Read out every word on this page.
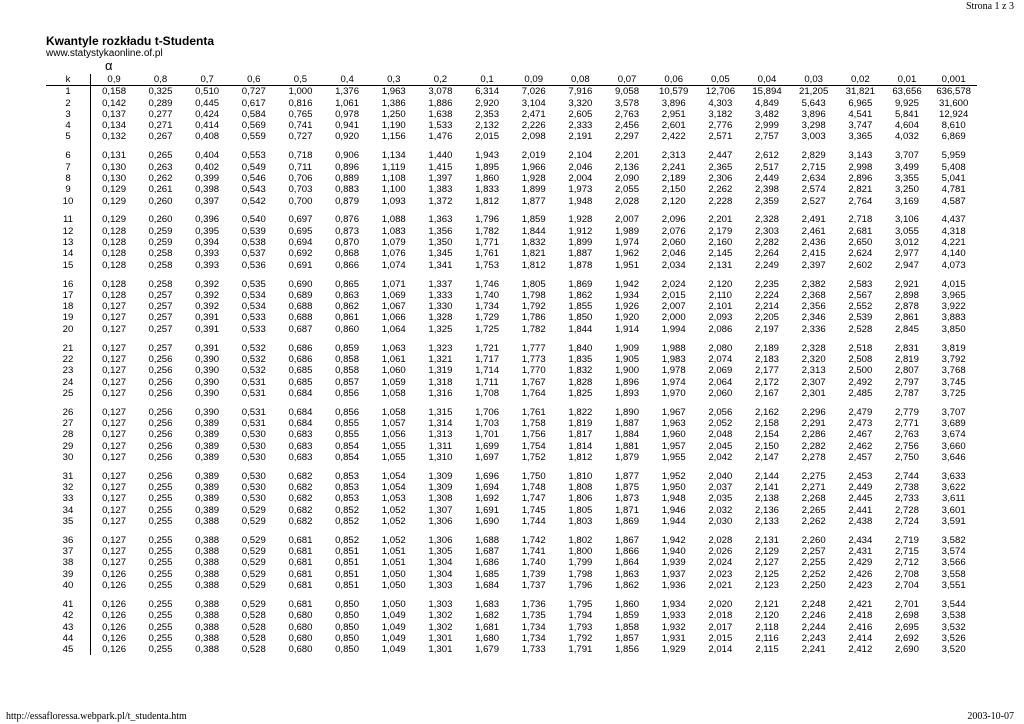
Strona 1 z 3
Kwantyle rozkładu t-Studenta
www.statystykaonline.of.pl
α
k	0,9	0,8	0,7	0,6	0,5	0,4	0,3	0,2	0,1	0,09	0,08	0,07	0,06	0,05	0,04	0,03	0,02	0,01	0,001
1	0,158	0,325	0,510	0,727	1,000	1,376	1,963	3,078	6,314	7,026	7,916	9,058	10,579	12,706	15,894	21,205	31,821	63,656	636,578
2	0,142	0,289	0,445	0,617	0,816	1,061	1,386	1,886	2,920	3,104	3,320	3,578	3,896	4,303	4,849	5,643	6,965	9,925	31,600
3	0,137	0,277	0,424	0,584	0,765	0,978	1,250	1,638	2,353	2,471	2,605	2,763	2,951	3,182	3,482	3,896	4,541	5,841	12,924
4	0,134	0,271	0,414	0,569	0,741	0,941	1,190	1,533	2,132	2,226	2,333	2,456	2,601	2,776	2,999	3,298	3,747	4,604	8,610
5	0,132	0,267	0,408	0,559	0,727	0,920	1,156	1,476	2,015	2,098	2,191	2,297	2,422	2,571	2,757	3,003	3,365	4,032	6,869

6	0,131	0,265	0,404	0,553	0,718	0,906	1,134	1,440	1,943	2,019	2,104	2,201	2,313	2,447	2,612	2,829	3,143	3,707	5,959
7	0,130	0,263	0,402	0,549	0,711	0,896	1,119	1,415	1,895	1,966	2,046	2,136	2,241	2,365	2,517	2,715	2,998	3,499	5,408
8	0,130	0,262	0,399	0,546	0,706	0,889	1,108	1,397	1,860	1,928	2,004	2,090	2,189	2,306	2,449	2,634	2,896	3,355	5,041
9	0,129	0,261	0,398	0,543	0,703	0,883	1,100	1,383	1,833	1,899	1,973	2,055	2,150	2,262	2,398	2,574	2,821	3,250	4,781
10	0,129	0,260	0,397	0,542	0,700	0,879	1,093	1,372	1,812	1,877	1,948	2,028	2,120	2,228	2,359	2,527	2,764	3,169	4,587

11	0,129	0,260	0,396	0,540	0,697	0,876	1,088	1,363	1,796	1,859	1,928	2,007	2,096	2,201	2,328	2,491	2,718	3,106	4,437
12	0,128	0,259	0,395	0,539	0,695	0,873	1,083	1,356	1,782	1,844	1,912	1,989	2,076	2,179	2,303	2,461	2,681	3,055	4,318
13	0,128	0,259	0,394	0,538	0,694	0,870	1,079	1,350	1,771	1,832	1,899	1,974	2,060	2,160	2,282	2,436	2,650	3,012	4,221
14	0,128	0,258	0,393	0,537	0,692	0,868	1,076	1,345	1,761	1,821	1,887	1,962	2,046	2,145	2,264	2,415	2,624	2,977	4,140
15	0,128	0,258	0,393	0,536	0,691	0,866	1,074	1,341	1,753	1,812	1,878	1,951	2,034	2,131	2,249	2,397	2,602	2,947	4,073

16	0,128	0,258	0,392	0,535	0,690	0,865	1,071	1,337	1,746	1,805	1,869	1,942	2,024	2,120	2,235	2,382	2,583	2,921	4,015
17	0,128	0,257	0,392	0,534	0,689	0,863	1,069	1,333	1,740	1,798	1,862	1,934	2,015	2,110	2,224	2,368	2,567	2,898	3,965
18	0,127	0,257	0,392	0,534	0,688	0,862	1,067	1,330	1,734	1,792	1,855	1,926	2,007	2,101	2,214	2,356	2,552	2,878	3,922
19	0,127	0,257	0,391	0,533	0,688	0,861	1,066	1,328	1,729	1,786	1,850	1,920	2,000	2,093	2,205	2,346	2,539	2,861	3,883
20	0,127	0,257	0,391	0,533	0,687	0,860	1,064	1,325	1,725	1,782	1,844	1,914	1,994	2,086	2,197	2,336	2,528	2,845	3,850

21	0,127	0,257	0,391	0,532	0,686	0,859	1,063	1,323	1,721	1,777	1,840	1,909	1,988	2,080	2,189	2,328	2,518	2,831	3,819
22	0,127	0,256	0,390	0,532	0,686	0,858	1,061	1,321	1,717	1,773	1,835	1,905	1,983	2,074	2,183	2,320	2,508	2,819	3,792
23	0,127	0,256	0,390	0,532	0,685	0,858	1,060	1,319	1,714	1,770	1,832	1,900	1,978	2,069	2,177	2,313	2,500	2,807	3,768
24	0,127	0,256	0,390	0,531	0,685	0,857	1,059	1,318	1,711	1,767	1,828	1,896	1,974	2,064	2,172	2,307	2,492	2,797	3,745
25	0,127	0,256	0,390	0,531	0,684	0,856	1,058	1,316	1,708	1,764	1,825	1,893	1,970	2,060	2,167	2,301	2,485	2,787	3,725

26	0,127	0,256	0,390	0,531	0,684	0,856	1,058	1,315	1,706	1,761	1,822	1,890	1,967	2,056	2,162	2,296	2,479	2,779	3,707
27	0,127	0,256	0,389	0,531	0,684	0,855	1,057	1,314	1,703	1,758	1,819	1,887	1,963	2,052	2,158	2,291	2,473	2,771	3,689
28	0,127	0,256	0,389	0,530	0,683	0,855	1,056	1,313	1,701	1,756	1,817	1,884	1,960	2,048	2,154	2,286	2,467	2,763	3,674
29	0,127	0,256	0,389	0,530	0,683	0,854	1,055	1,311	1,699	1,754	1,814	1,881	1,957	2,045	2,150	2,282	2,462	2,756	3,660
30	0,127	0,256	0,389	0,530	0,683	0,854	1,055	1,310	1,697	1,752	1,812	1,879	1,955	2,042	2,147	2,278	2,457	2,750	3,646

31	0,127	0,256	0,389	0,530	0,682	0,853	1,054	1,309	1,696	1,750	1,810	1,877	1,952	2,040	2,144	2,275	2,453	2,744	3,633
32	0,127	0,255	0,389	0,530	0,682	0,853	1,054	1,309	1,694	1,748	1,808	1,875	1,950	2,037	2,141	2,271	2,449	2,738	3,622
33	0,127	0,255	0,389	0,530	0,682	0,853	1,053	1,308	1,692	1,747	1,806	1,873	1,948	2,035	2,138	2,268	2,445	2,733	3,611
34	0,127	0,255	0,389	0,529	0,682	0,852	1,052	1,307	1,691	1,745	1,805	1,871	1,946	2,032	2,136	2,265	2,441	2,728	3,601
35	0,127	0,255	0,388	0,529	0,682	0,852	1,052	1,306	1,690	1,744	1,803	1,869	1,944	2,030	2,133	2,262	2,438	2,724	3,591

36	0,127	0,255	0,388	0,529	0,681	0,852	1,052	1,306	1,688	1,742	1,802	1,867	1,942	2,028	2,131	2,260	2,434	2,719	3,582
37	0,127	0,255	0,388	0,529	0,681	0,851	1,051	1,305	1,687	1,741	1,800	1,866	1,940	2,026	2,129	2,257	2,431	2,715	3,574
38	0,127	0,255	0,388	0,529	0,681	0,851	1,051	1,304	1,686	1,740	1,799	1,864	1,939	2,024	2,127	2,255	2,429	2,712	3,566
39	0,126	0,255	0,388	0,529	0,681	0,851	1,050	1,304	1,685	1,739	1,798	1,863	1,937	2,023	2,125	2,252	2,426	2,708	3,558
40	0,126	0,255	0,388	0,529	0,681	0,851	1,050	1,303	1,684	1,737	1,796	1,862	1,936	2,021	2,123	2,250	2,423	2,704	3,551

41	0,126	0,255	0,388	0,529	0,681	0,850	1,050	1,303	1,683	1,736	1,795	1,860	1,934	2,020	2,121	2,248	2,421	2,701	3,544
42	0,126	0,255	0,388	0,528	0,680	0,850	1,049	1,302	1,682	1,735	1,794	1,859	1,933	2,018	2,120	2,246	2,418	2,698	3,538
43	0,126	0,255	0,388	0,528	0,680	0,850	1,049	1,302	1,681	1,734	1,793	1,858	1,932	2,017	2,118	2,244	2,416	2,695	3,532
44	0,126	0,255	0,388	0,528	0,680	0,850	1,049	1,301	1,680	1,734	1,792	1,857	1,931	2,015	2,116	2,243	2,414	2,692	3,526
45	0,126	0,255	0,388	0,528	0,680	0,850	1,049	1,301	1,679	1,733	1,791	1,856	1,929	2,014	2,115	2,241	2,412	2,690	3,520
http://essafloressa.webpark.pl/t_studenta.htm	2003-10-07
